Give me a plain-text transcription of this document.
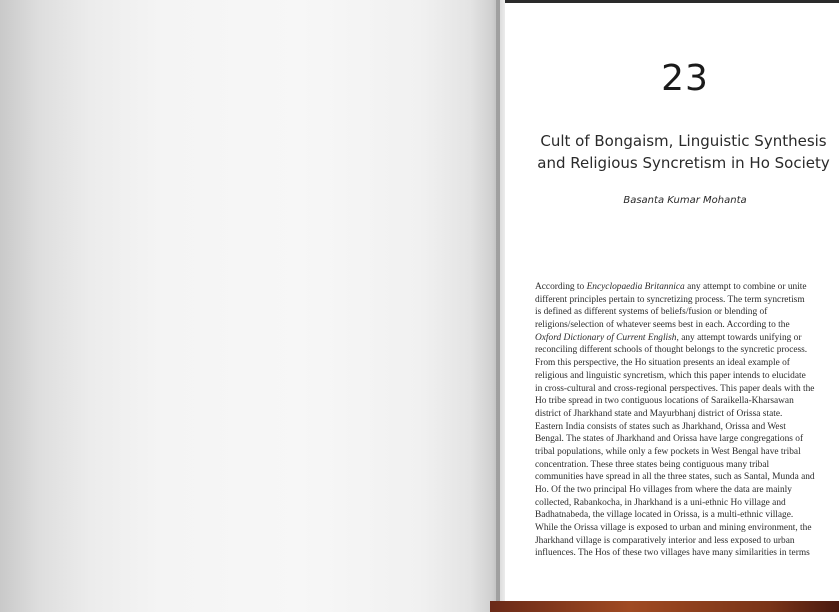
23
Cult of Bongaism, Linguistic Synthesis
and Religious Syncretism in Ho Society
Basanta Kumar Mohanta
According to Encyclopaedia Britannica any attempt to combine or unite
different principles pertain to syncretizing process. The term syncretism
is defined as different systems of beliefs/fusion or blending of
religions/selection of whatever seems best in each. According to the
Oxford Dictionary of Current English, any attempt towards unifying or
reconciling different schools of thought belongs to the syncretic process.
From this perspective, the Ho situation presents an ideal example of
religious and linguistic syncretism, which this paper intends to elucidate
in cross-cultural and cross-regional perspectives. This paper deals with the
Ho tribe spread in two contiguous locations of Saraikella-Kharsawan
district of Jharkhand state and Mayurbhanj district of Orissa state.
Eastern India consists of states such as Jharkhand, Orissa and West
Bengal. The states of Jharkhand and Orissa have large congregations of
tribal populations, while only a few pockets in West Bengal have tribal
concentration. These three states being contiguous many tribal
communities have spread in all the three states, such as Santal, Munda and
Ho. Of the two principal Ho villages from where the data are mainly
collected, Rabankocha, in Jharkhand is a uni-ethnic Ho village and
Badhatnabeda, the village located in Orissa, is a multi-ethnic village.
While the Orissa village is exposed to urban and mining environment, the
Jharkhand village is comparatively interior and less exposed to urban
influences. The Hos of these two villages have many similarities in terms
